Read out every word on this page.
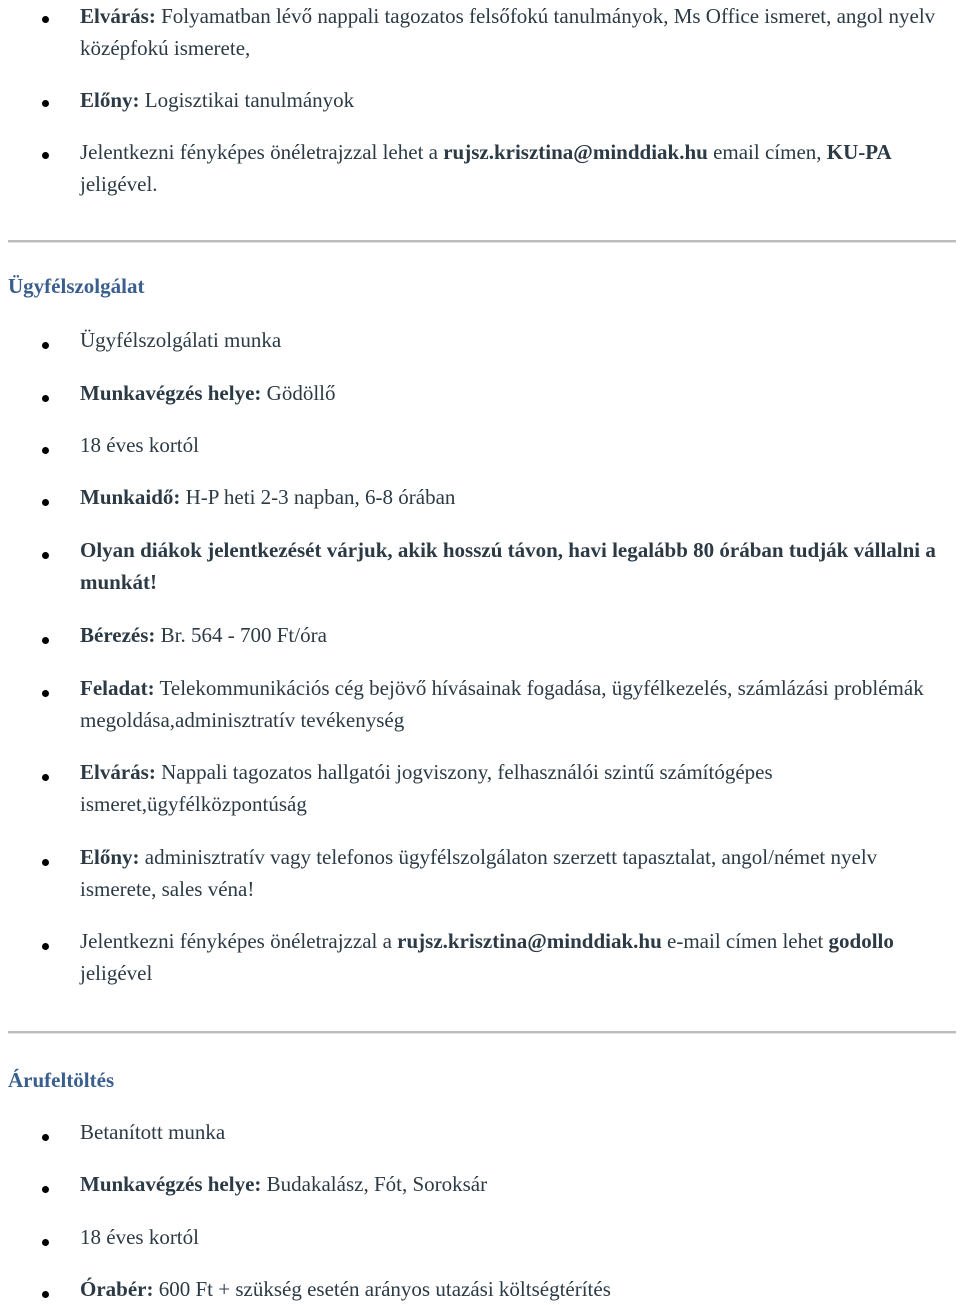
Elvárás: Folyamatban lévő nappali tagozatos felsőfokú tanulmányok, Ms Office ismeret, angol nyelv középfokú ismerete,
Előny: Logisztikai tanulmányok
Jelentkezni fényképes önéletrajzzal lehet a rujsz.krisztina@minddiak.hu email címen, KU-PA jeligével.
Ügyfélszolgálat
Ügyfélszolgálati munka
Munkavégzés helye: Gödöllő
18 éves kortól
Munkaidő: H-P heti 2-3 napban, 6-8 órában
Olyan diákok jelentkezését várjuk, akik hosszú távon, havi legalább 80 órában tudják vállalni a munkát!
Bérezés: Br. 564 - 700 Ft/óra
Feladat: Telekommunikációs cég bejövő hívásainak fogadása, ügyfélkezelés, számlázási problémák megoldása,adminisztratív tevékenység
Elvárás: Nappali tagozatos hallgatói jogviszony, felhasználói szintű számítógépes ismeret,ügyfélközpontúság
Előny: adminisztratív vagy telefonos ügyfélszolgálaton szerzett tapasztalat, angol/német nyelv ismerete, sales véna!
Jelentkezni fényképes önéletrajzzal a rujsz.krisztina@minddiak.hu e-mail címen lehet godollo jeligével
Árufeltöltés
Betanított munka
Munkavégzés helye: Budakalász, Fót, Soroksár
18 éves kortól
Órabér: 600 Ft + szükség esetén arányos utazási költségtérítés
